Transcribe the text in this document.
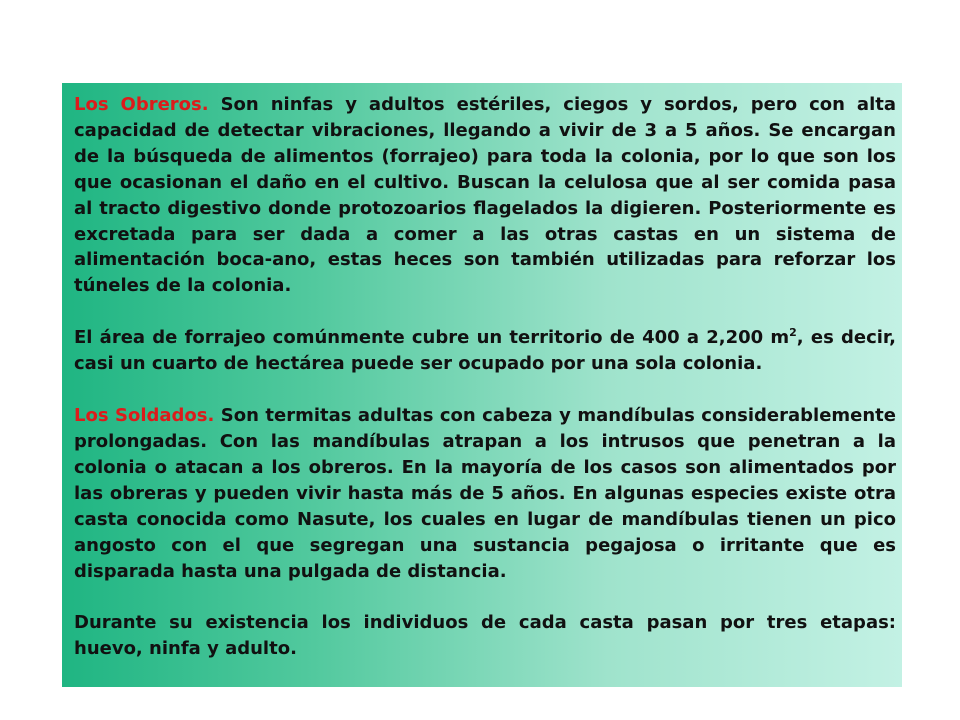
Los Obreros. Son ninfas y adultos estériles, ciegos y sordos, pero con alta capacidad de detectar vibraciones, llegando a vivir de 3 a 5 años. Se encargan de la búsqueda de alimentos (forrajeo) para toda la colonia, por lo que son los que ocasionan el daño en el cultivo. Buscan la celulosa que al ser comida pasa al tracto digestivo donde protozoarios flagelados la digieren. Posteriormente es excretada para ser dada a comer a las otras castas en un sistema de alimentación boca-ano, estas heces son también utilizadas para reforzar los túneles de la colonia.

El área de forrajeo comúnmente cubre un territorio de 400 a 2,200 $m^2$, es decir, casi un cuarto de hectárea puede ser ocupado por una sola colonia.

Los Soldados. Son termitas adultas con cabeza y mandíbulas considerablemente prolongadas. Con las mandíbulas atrapan a los intrusos que penetran a la colonia o atacan a los obreros. En la mayoría de los casos son alimentados por las obreras y pueden vivir hasta más de 5 años. En algunas especies existe otra casta conocida como Nasute, los cuales en lugar de mandíbulas tienen un pico angosto con el que segregan una sustancia pegajosa o irritante que es disparada hasta una pulgada de distancia.

Durante su existencia los individuos de cada casta pasan por tres etapas: huevo, ninfa y adulto.
